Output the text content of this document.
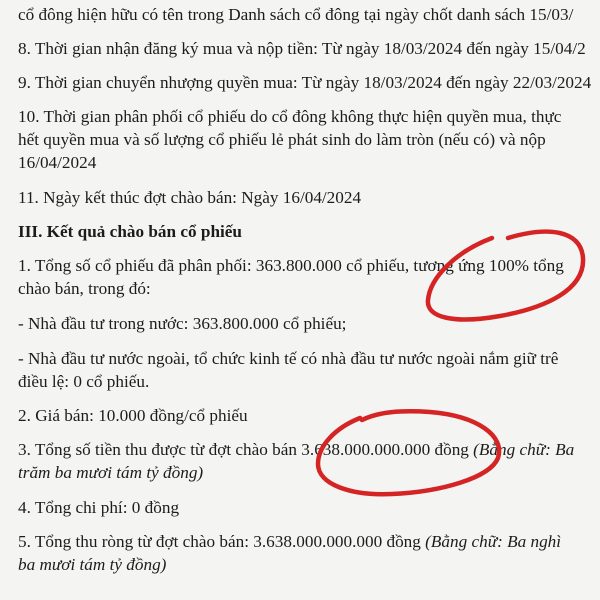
cổ đông hiện hữu có tên trong Danh sách cổ đông tại ngày chốt danh sách 15/03/
8. Thời gian nhận đăng ký mua và nộp tiền: Từ ngày 18/03/2024 đến ngày 15/04/2
9. Thời gian chuyển nhượng quyền mua: Từ ngày 18/03/2024 đến ngày 22/03/2024
10. Thời gian phân phối cổ phiếu do cổ đông không thực hiện quyền mua, thực
hết quyền mua và số lượng cổ phiếu lẻ phát sinh do làm tròn (nếu có) và nộp
16/04/2024
11. Ngày kết thúc đợt chào bán: Ngày 16/04/2024
III. Kết quả chào bán cổ phiếu
1. Tổng số cổ phiếu đã phân phối: 363.800.000 cổ phiếu, tương ứng 100% tổng
chào bán, trong đó:
- Nhà đầu tư trong nước: 363.800.000 cổ phiếu;
- Nhà đầu tư nước ngoài, tổ chức kinh tế có nhà đầu tư nước ngoài nắm giữ trê
điều lệ: 0 cổ phiếu.
2. Giá bán: 10.000 đồng/cổ phiếu
3. Tổng số tiền thu được từ đợt chào bán 3.638.000.000.000 đồng (Bằng chữ: Ba
trăm ba mươi tám tỷ đồng)
4. Tổng chi phí: 0 đồng
5. Tổng thu ròng từ đợt chào bán: 3.638.000.000.000 đồng (Bằng chữ: Ba nghì
ba mươi tám tỷ đồng)
